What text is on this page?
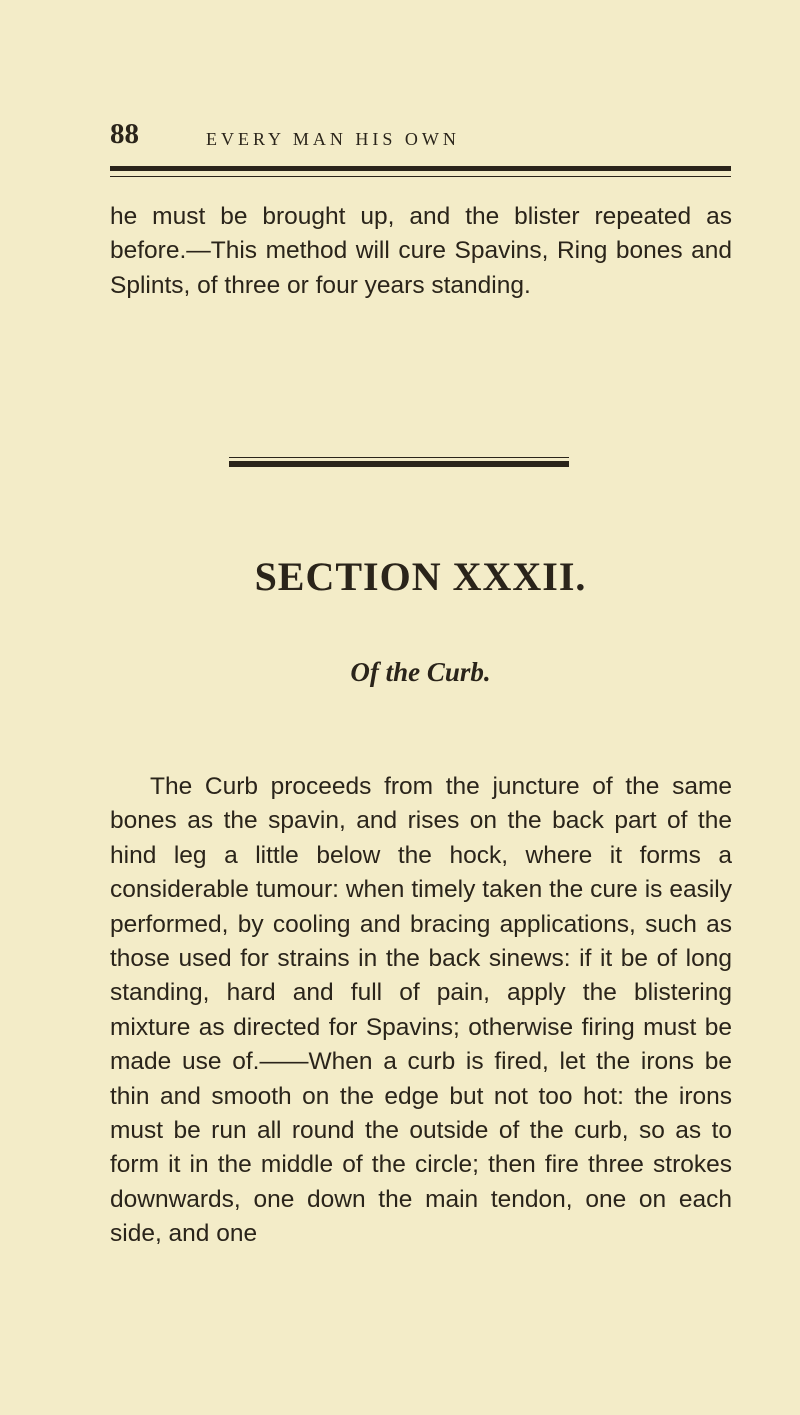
88	EVERY MAN HIS OWN

he must be brought up, and the blister repeated as before.—This method will cure Spavins, Ring bones and Splints, of three or four years standing.

SECTION XXXII.
Of the Curb.

The Curb proceeds from the juncture of the same bones as the spavin, and rises on the back part of the hind leg a little below the hock, where it forms a considerable tumour: when timely taken the cure is easily performed, by cooling and bracing applications, such as those used for strains in the back sinews: if it be of long standing, hard and full of pain, apply the blistering mixture as directed for Spavins; otherwise firing must be made use of.——When a curb is fired, let the irons be thin and smooth on the edge but not too hot: the irons must be run all round the outside of the curb, so as to form it in the middle of the circle; then fire three strokes downwards, one down the main tendon, one on each side, and one
